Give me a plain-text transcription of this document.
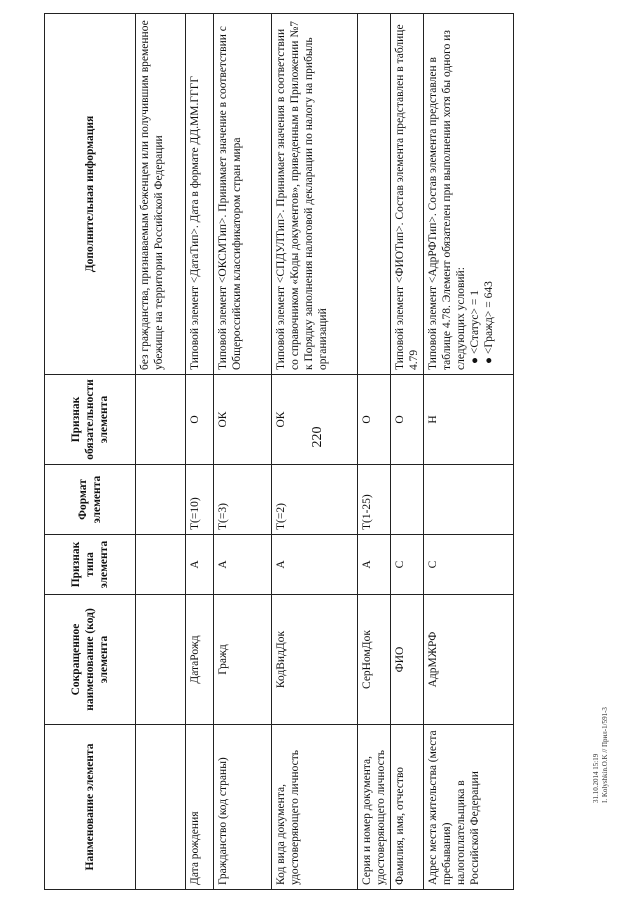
220
Наименование элемента	Сокращенное наименование (код) элемента	Признак типа элемента	Формат элемента	Признак обязательности элемента	Дополнительная информация
					без гражданства, признаваемым беженцем или получившим временное убежище на территории Российской Федерации
Дата рождения	ДатаРожд	А	T(=10)	О	Типовой элемент <ДатаТип>. Дата в формате ДД.ММ.ГГГГ
Гражданство (код страны)	Гражд	А	T(=3)	ОК	Типовой элемент <ОКСМТип>. Принимает значение в соответствии с Общероссийским классификатором стран мира
Код вида документа, удостоверяющего личность	КодВидДок	А	T(=2)	ОК	Типовой элемент <СПДУЛТип>. Принимает значения в соответствии со справочником «Коды документов», приведенным в Приложении №7 к Порядку заполнения налоговой декларации по налогу на прибыль организаций
Серия и номер документа, удостоверяющего личность	СерНомДок	А	T(1-25)	О	
Фамилия, имя, отчество	ФИО	С		О	Типовой элемент <ФИОТип>. Состав элемента представлен в таблице 4.79
Адрес места жительства (места пребывания) налогоплательщика в Российской Федерации	АдрМЖРФ	С		Н	Типовой элемент <АдрРФТип>. Состав элемента представлен в таблице 4.78. Элемент обязателен при выполнении хотя бы одного из следующих условий: ● <Статус> = 1
● <Гражд> = 643
31.10.2014 15:19 I. Kolyshkin.O.K // Прил-1/591-3
